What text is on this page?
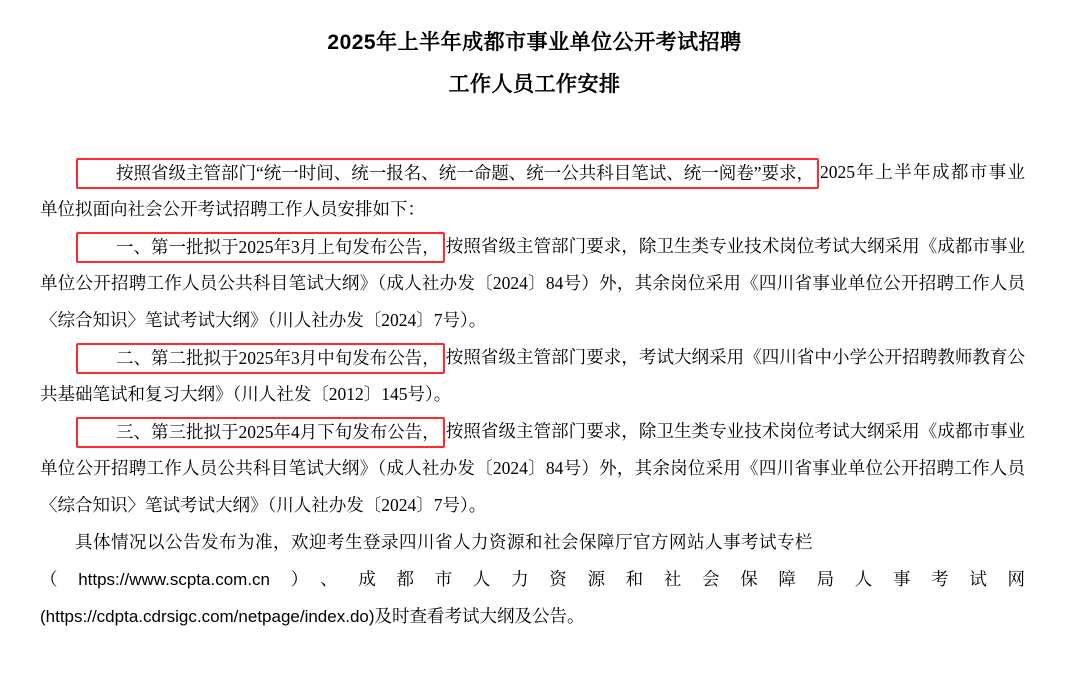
2025年上半年成都市事业单位公开考试招聘
工作人员工作安排

按照省级主管部门“统一时间、统一报名、统一命题、统一公共科目笔试、统一阅卷”要求， 2025年上半年成都市事业单位拟面向社会公开考试招聘工作人员安排如下：

一、第一批拟于2025年3月上旬发布公告， 按照省级主管部门要求，除卫生类专业技术岗位考试大纲采用《成都市事业单位公开招聘工作人员公共科目笔试大纲》（成人社办发〔2024〕84号）外，其余岗位采用《四川省事业单位公开招聘工作人员〈综合知识〉笔试考试大纲》（川人社办发〔2024〕7号）。

二、第二批拟于2025年3月中旬发布公告， 按照省级主管部门要求，考试大纲采用《四川省中小学公开招聘教师教育公共基础笔试和复习大纲》（川人社发〔2012〕145号）。

三、第三批拟于2025年4月下旬发布公告， 按照省级主管部门要求，除卫生类专业技术岗位考试大纲采用《成都市事业单位公开招聘工作人员公共科目笔试大纲》（成人社办发〔2024〕84号）外，其余岗位采用《四川省事业单位公开招聘工作人员〈综合知识〉笔试考试大纲》（川人社办发〔2024〕7号）。

具体情况以公告发布为准，欢迎考生登录四川省人力资源和社会保障厅官方网站人事考试专栏

（https://www.scpta.com.cn）、成都市人力资源和社会保障局人事考试网

(https://cdpta.cdrsigc.com/netpage/index.do)及时查看考试大纲及公告。
